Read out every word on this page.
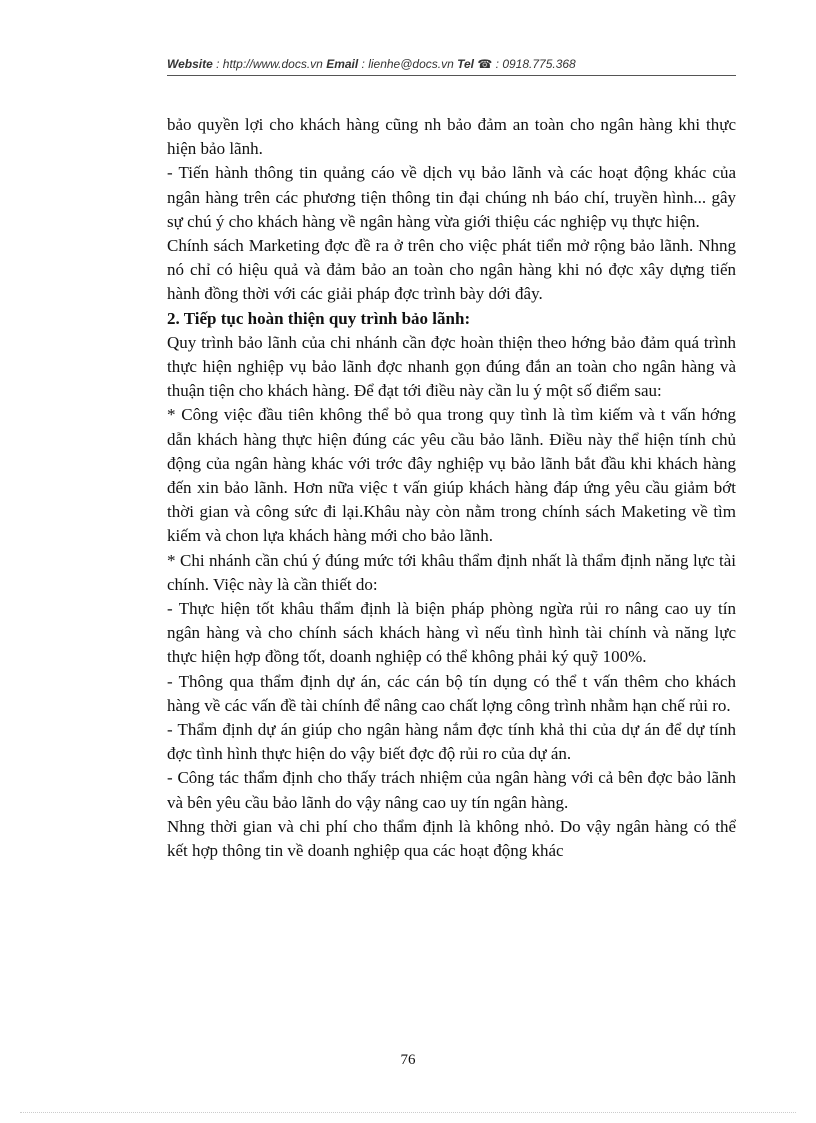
Website : http://www.docs.vn Email : lienhe@docs.vn Tel ☎ : 0918.775.368

bảo quyền lợi cho khách hàng cũng nh bảo đảm an toàn cho ngân hàng khi thực hiện bảo lãnh.

- Tiến hành thông tin quảng cáo về dịch vụ bảo lãnh và các hoạt động khác của ngân hàng trên các phương tiện thông tin đại chúng nh báo chí, truyền hình... gây sự chú ý cho khách hàng về ngân hàng vừa giới thiệu các nghiệp vụ thực hiện.

Chính sách Marketing đợc đề ra ở trên cho việc phát tiển mở rộng bảo lãnh. Nhng nó chỉ có hiệu quả và đảm bảo an toàn cho ngân hàng khi nó đợc xây dựng tiến hành đồng thời với các giải pháp đợc trình bày dới đây.

2. Tiếp tục hoàn thiện quy trình bảo lãnh:

Quy trình bảo lãnh của chi nhánh cần đợc hoàn thiện theo hớng bảo đảm quá trình thực hiện nghiệp vụ bảo lãnh đợc nhanh gọn đúng đắn an toàn cho ngân hàng và thuận tiện cho khách hàng. Để đạt tới điều này cần lu ý một số điểm sau:

* Công việc đầu tiên không thể bỏ qua trong quy tình là tìm kiếm và t vấn hớng dẫn khách hàng thực hiện đúng các yêu cầu bảo lãnh. Điều này thể hiện tính chủ động của ngân hàng khác với trớc đây nghiệp vụ bảo lãnh bắt đầu khi khách hàng đến xin bảo lãnh. Hơn nữa việc t vấn giúp khách hàng đáp ứng yêu cầu giảm bớt thời gian và công sức đi lại.Khâu này còn nằm trong chính sách Maketing về tìm kiếm và chon lựa khách hàng mới cho bảo lãnh.

* Chi nhánh cần chú ý đúng mức tới khâu thẩm định nhất là thẩm định năng lực tài chính. Việc này là cần thiết do:

- Thực hiện tốt khâu thẩm định là biện pháp phòng ngừa rủi ro nâng cao uy tín ngân hàng và cho chính sách khách hàng vì nếu tình hình tài chính và năng lực thực hiện hợp đồng tốt, doanh nghiệp có thể không phải ký quỹ 100%.

- Thông qua thẩm định dự án, các cán bộ tín dụng có thể t vấn thêm cho khách hàng về các vấn đề tài chính để nâng cao chất lợng công trình nhằm hạn chế rủi ro.

- Thẩm định dự án giúp cho ngân hàng nắm đợc tính khả thi của dự án để dự tính đợc tình hình thực hiện do vậy biết đợc độ rủi ro của dự án.

- Công tác thẩm định cho thấy trách nhiệm của ngân hàng với cả bên đợc bảo lãnh và bên yêu cầu bảo lãnh do vậy nâng cao uy tín ngân hàng.

Nhng thời gian và chi phí cho thẩm định là không nhỏ. Do vậy ngân hàng có thể kết hợp thông tin về doanh nghiệp qua các hoạt động khác

76
